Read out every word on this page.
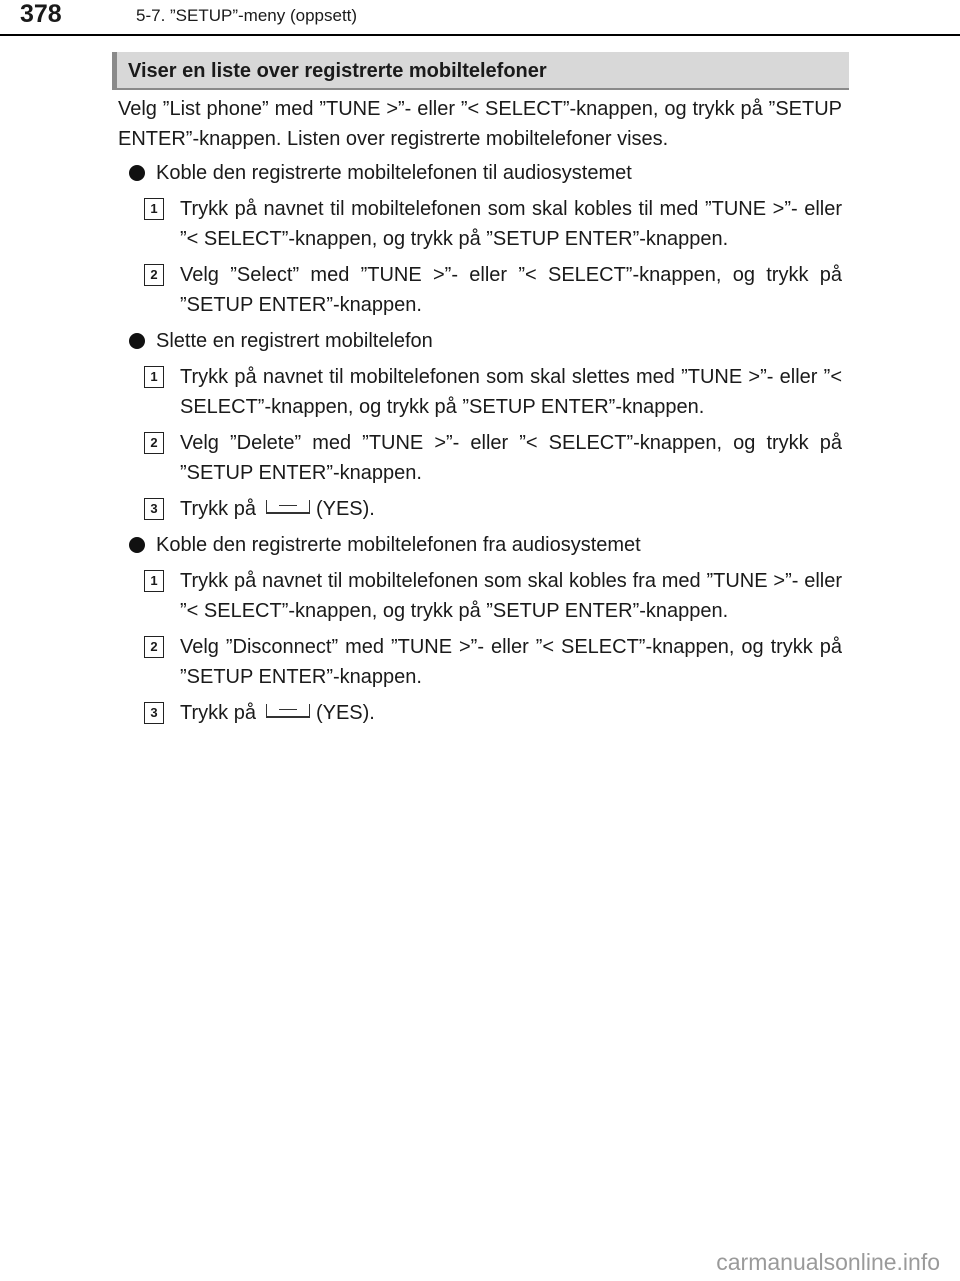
378	5-7. ”SETUP”-meny (oppsett)
Viser en liste over registrerte mobiltelefoner

Velg ”List phone” med ”TUNE >”- eller ”< SELECT”-knappen, og trykk på ”SETUP ENTER”-knappen. Listen over registrerte mobiltelefoner vises.

Koble den registrerte mobiltelefonen til audiosystemet
1	Trykk på navnet til mobiltelefonen som skal kobles til med ”TUNE >”- eller ”< SELECT”-knappen, og trykk på ”SETUP ENTER”-knappen.
2	Velg ”Select” med ”TUNE >”- eller ”< SELECT”-knappen, og trykk på ”SETUP ENTER”-knappen.
Slette en registrert mobiltelefon
1	Trykk på navnet til mobiltelefonen som skal slettes med ”TUNE >”- eller ”< SELECT”-knappen, og trykk på ”SETUP ENTER”-knappen.
2	Velg ”Delete” med ”TUNE >”- eller ”< SELECT”-knappen, og trykk på ”SETUP ENTER”-knappen.
3	Trykk på	(YES).
Koble den registrerte mobiltelefonen fra audiosystemet
1	Trykk på navnet til mobiltelefonen som skal kobles fra med ”TUNE >”- eller ”< SELECT”-knappen, og trykk på ”SETUP ENTER”-knappen.
2	Velg ”Disconnect” med ”TUNE >”- eller ”< SELECT”-knappen, og trykk på ”SETUP ENTER”-knappen.
3	Trykk på	(YES).
carmanualsonline.info
